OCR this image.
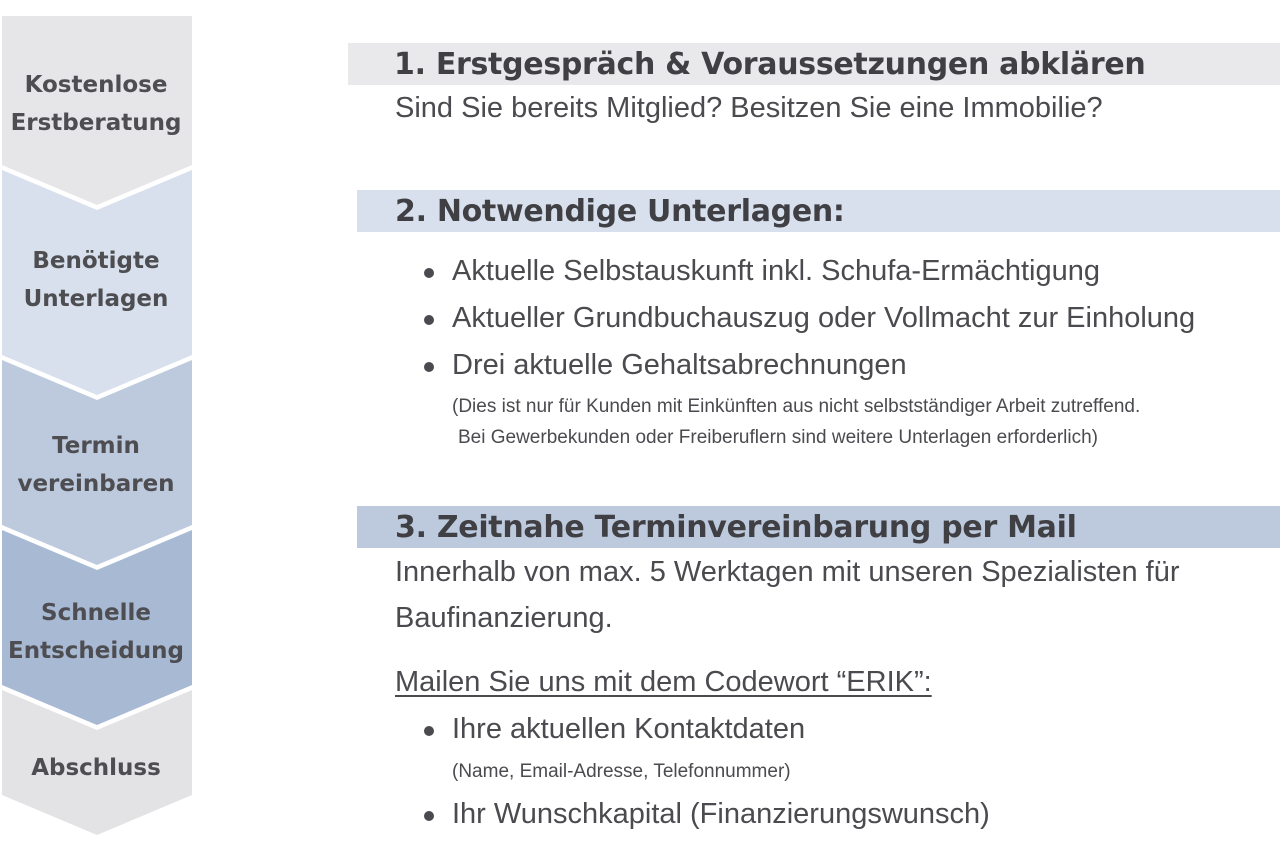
Kostenlose
Erstberatung
Benötigte
Unterlagen
Termin
vereinbaren
Schnelle
Entscheidung
Abschluss
1. Erstgespräch & Voraussetzungen abklären
Sind Sie bereits Mitglied? Besitzen Sie eine Immobilie?
2. Notwendige Unterlagen:
Aktuelle Selbstauskunft inkl. Schufa-Ermächtigung
Aktueller Grundbuchauszug oder Vollmacht zur Einholung
Drei aktuelle Gehaltsabrechnungen
(Dies ist nur für Kunden mit Einkünften aus nicht selbstständiger Arbeit zutreffend.
Bei Gewerbekunden oder Freiberuflern sind weitere Unterlagen erforderlich)
3. Zeitnahe Terminvereinbarung per Mail
Innerhalb von max. 5 Werktagen mit unseren Spezialisten für
Baufinanzierung.
Mailen Sie uns mit dem Codewort “ERIK”:
Ihre aktuellen Kontaktdaten
(Name, Email-Adresse, Telefonnummer)
Ihr Wunschkapital (Finanzierungswunsch)
